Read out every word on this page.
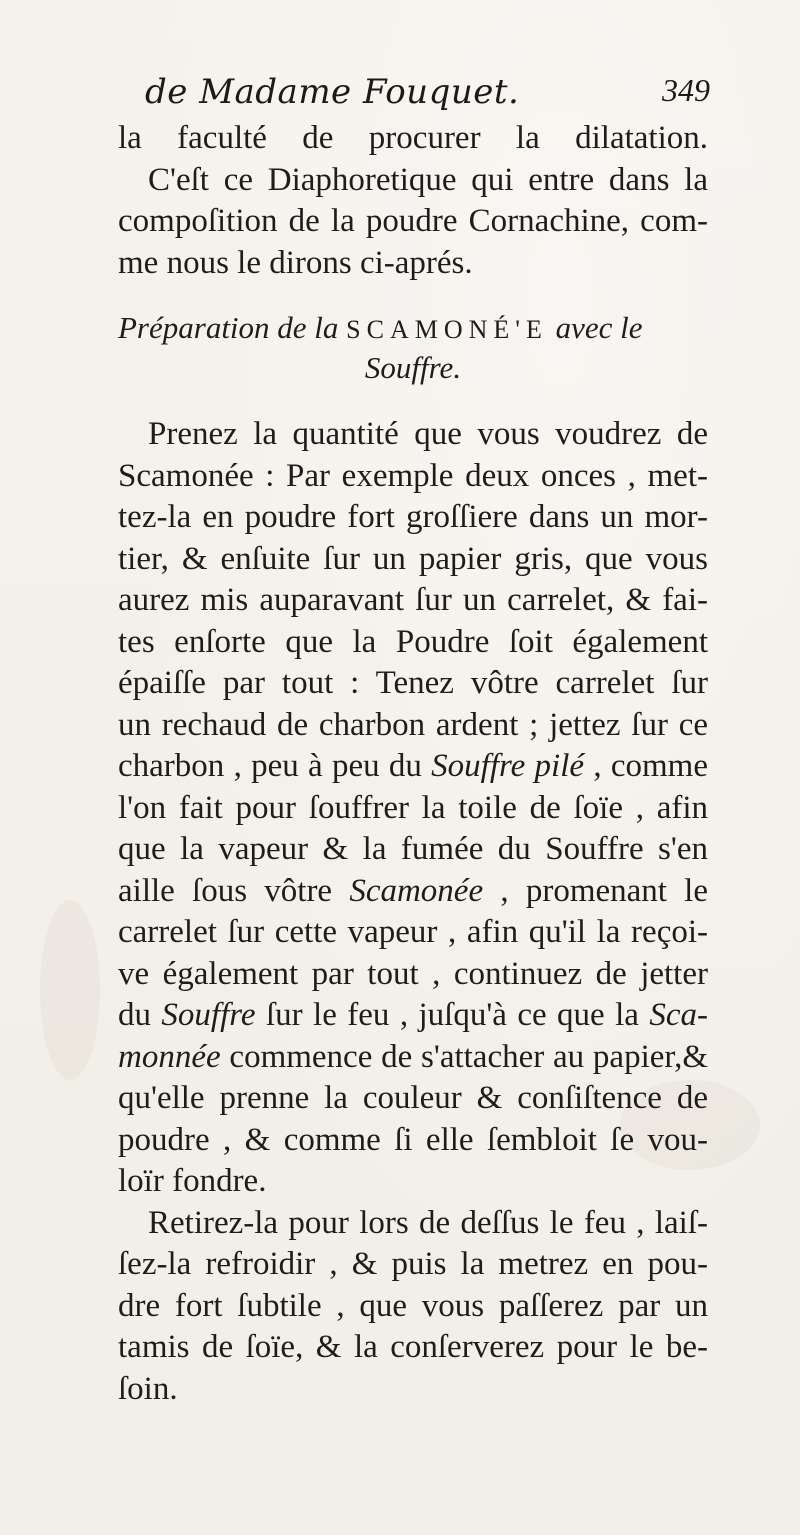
de Madame Fouquet.	349
la faculté de procurer la dilatation.
C'eſt ce Diaphoretique qui entre dans la
compoſition de la poudre Cornachine, com-
me nous le dirons ci-aprés.
Préparation de la SCAMONÉ'E avec le
Souffre.
Prenez la quantité que vous voudrez de
Scamonée : Par exemple deux onces , met-
tez-la en poudre fort groſſiere dans un mor-
tier, & enſuite ſur un papier gris, que vous
aurez mis auparavant ſur un carrelet, & fai-
tes enſorte que la Poudre ſoit également
épaiſſe par tout : Tenez vôtre carrelet ſur
un rechaud de charbon ardent ; jettez ſur ce
charbon , peu à peu du Souffre pilé , comme
l'on fait pour ſouffrer la toile de ſoïe , afin
que la vapeur & la fumée du Souffre s'en
aille ſous vôtre Scamonée , promenant le
carrelet ſur cette vapeur , afin qu'il la reçoi-
ve également par tout , continuez de jetter
du Souffre ſur le feu , juſqu'à ce que la Sca-
monnée commence de s'attacher au papier,&
qu'elle prenne la couleur & conſiſtence de
poudre , & comme ſi elle ſembloit ſe vou-
loïr fondre.
Retirez-la pour lors de deſſus le feu , laiſ-
ſez-la refroidir , & puis la metrez en pou-
dre fort ſubtile , que vous paſſerez par un
tamis de ſoïe, & la conſerverez pour le be-
ſoin.
